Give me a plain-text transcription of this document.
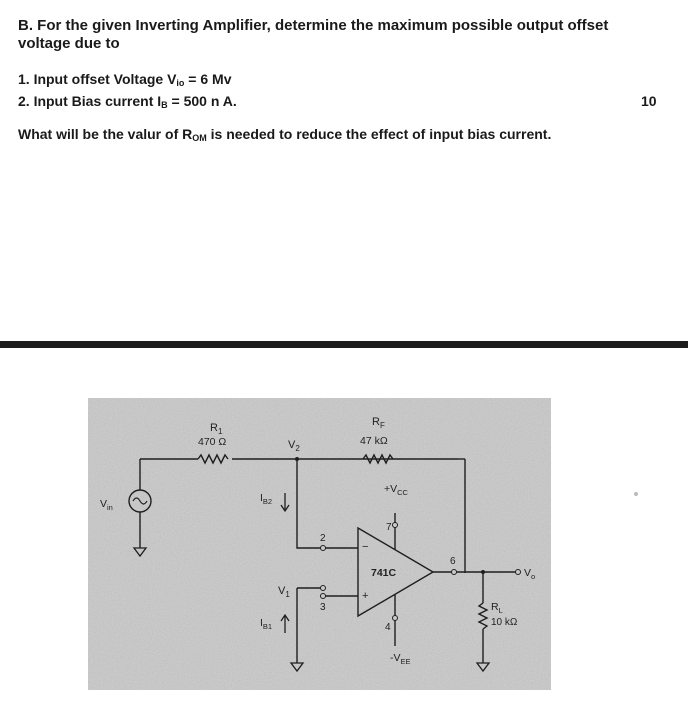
B. For the given Inverting Amplifier, determine the maximum possible output offset voltage due to

1. Input offset Voltage $V_{io} = 6$ Mv
2. Input Bias current $I_B = 500$ n A.	10
What will be the valur of $R_{OM}$ is needed to reduce the effect of input bias current.
$R_1$
470 Ω
$R_F$
47 kΩ
$V_2$
$V_1$
$I_{B2}$
$I_{B1}$
$V_{in}$
$+V_{CC}$
$-V_{EE}$
741C
2
3
4
6
7
−
+
$V_o$
$R_L$
10 kΩ
